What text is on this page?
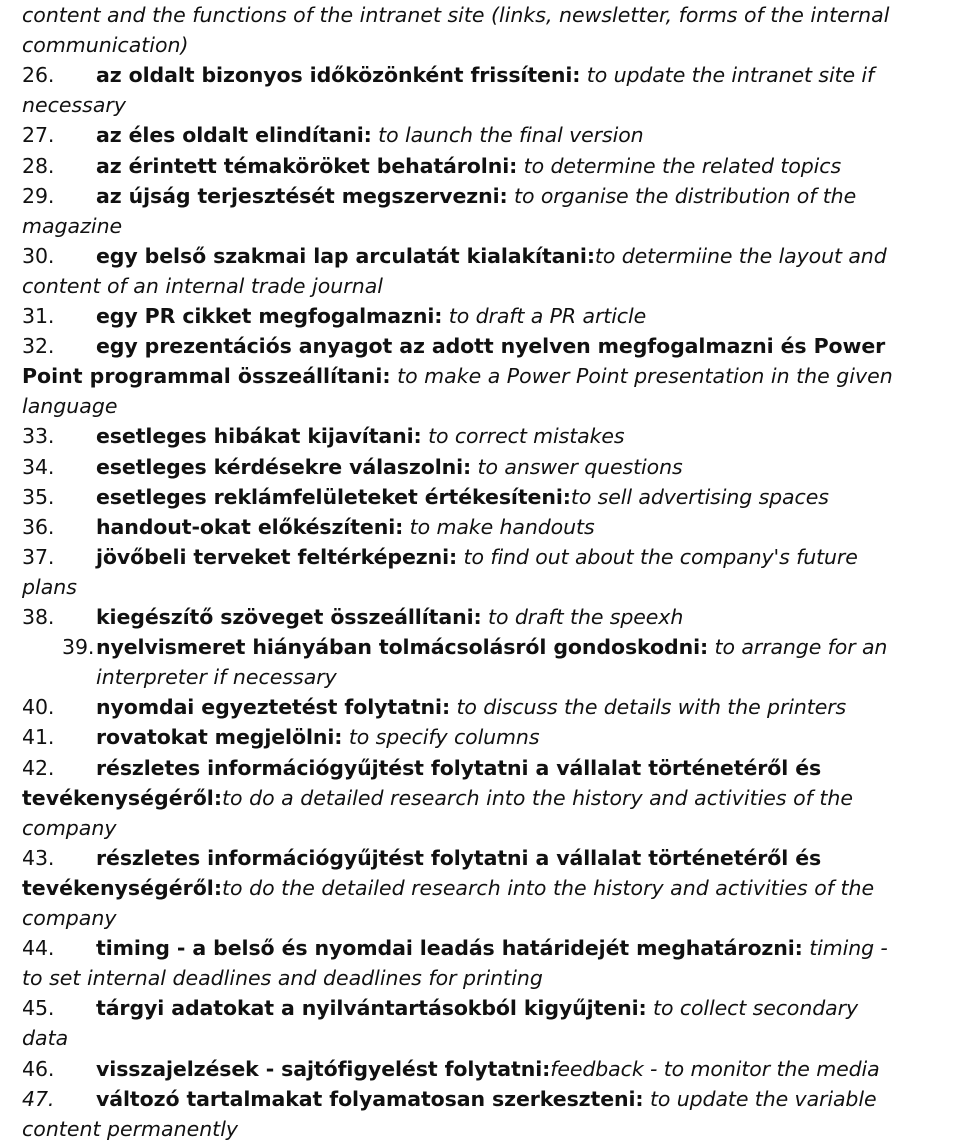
content and the functions of the intranet site (links, newsletter, forms of the internal
communication)
26. az oldalt bizonyos időközönként frissíteni: to update the intranet site if
necessary
27. az éles oldalt elindítani: to launch the final version
28. az érintett témaköröket behatárolni: to determine the related topics
29. az újság terjesztését megszervezni: to organise the distribution of the
magazine
30. egy belső szakmai lap arculatát kialakítani:to determiine the layout and
content of an internal trade journal
31. egy PR cikket megfogalmazni: to draft a PR article
32. egy prezentációs anyagot az adott nyelven megfogalmazni és Power
Point programmal összeállítani: to make a Power Point presentation in the given
language
33. esetleges hibákat kijavítani: to correct mistakes
34. esetleges kérdésekre válaszolni: to answer questions
35. esetleges reklámfelületeket értékesíteni:to sell advertising spaces
36. handout-okat előkészíteni: to make handouts
37. jövőbeli terveket feltérképezni: to find out about the company's future
plans
38. kiegészítő szöveget összeállítani: to draft the speexh
39. nyelvismeret hiányában tolmácsolásról gondoskodni: to arrange for an
interpreter if necessary
40. nyomdai egyeztetést folytatni: to discuss the details with the printers
41. rovatokat megjelölni: to specify columns
42. részletes információgyűjtést folytatni a vállalat történetéről és
tevékenységéről:to do a detailed research into the history and activities of the
company
43. részletes információgyűjtést folytatni a vállalat történetéről és
tevékenységéről:to do the detailed research into the history and activities of the
company
44. timing - a belső és nyomdai leadás határidejét meghatározni: timing -
to set internal deadlines and deadlines for printing
45. tárgyi adatokat a nyilvántartásokból kigyűjteni: to collect secondary
data
46. visszajelzések - sajtófigyelést folytatni:feedback - to monitor the media
47. változó tartalmakat folyamatosan szerkeszteni: to update the variable
content permanently
